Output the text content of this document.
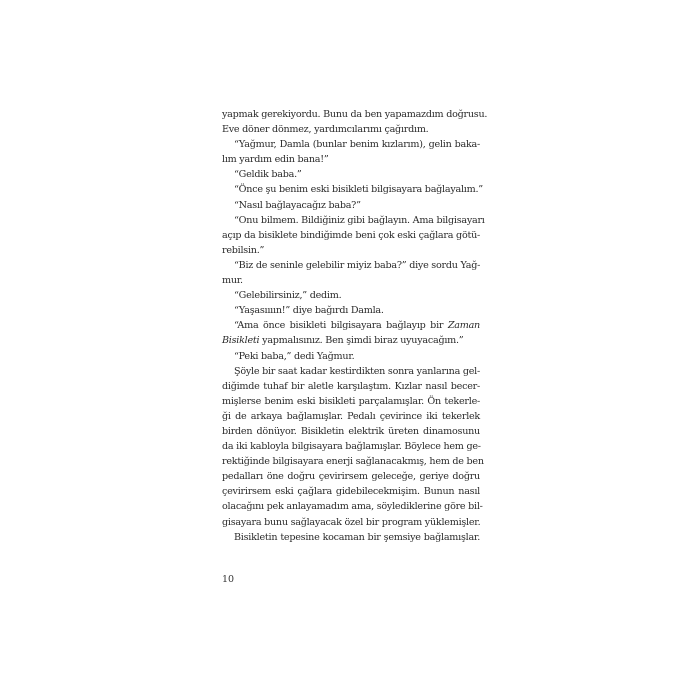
yapmak gerekiyordu. Bunu da ben yapamazdım doğrusu.
Eve döner dönmez, yardımcılarımı çağırdım.
“Yağmur, Damla (bunlar benim kızlarım), gelin baka-
lım yardım edin bana!”
“Geldik baba.”
“Önce şu benim eski bisikleti bilgisayara bağlayalım.”
“Nasıl bağlayacağız baba?”
“Onu bilmem. Bildiğiniz gibi bağlayın. Ama bilgisayarı
açıp da bisiklete bindiğimde beni çok eski çağlara götü-
rebilsin.”
“Biz de seninle gelebilir miyiz baba?” diye sordu Yağ-
mur.
“Gelebilirsiniz,” dedim.
“Yaşasıııın!” diye bağırdı Damla.
“Ama önce bisikleti bilgisayara bağlayıp bir Zaman
Bisikleti yapmalısınız. Ben şimdi biraz uyuyacağım.”
“Peki baba,” dedi Yağmur.
Şöyle bir saat kadar kestirdikten sonra yanlarına gel-
diğimde tuhaf bir aletle karşılaştım. Kızlar nasıl becer-
mişlerse benim eski bisikleti parçalamışlar. Ön tekerle-
ği de arkaya bağlamışlar. Pedalı çevirince iki tekerlek
birden dönüyor. Bisikletin elektrik üreten dinamosunu
da iki kabloyla bilgisayara bağlamışlar. Böylece hem ge-
rektiğinde bilgisayara enerji sağlanacakmış, hem de ben
pedalları öne doğru çevirirsem geleceğe, geriye doğru
çevirirsem eski çağlara gidebilecekmişim. Bunun nasıl
olacağını pek anlayamadım ama, söylediklerine göre bil-
gisayara bunu sağlayacak özel bir program yüklemişler.
Bisikletin tepesine kocaman bir şemsiye bağlamışlar.
10
